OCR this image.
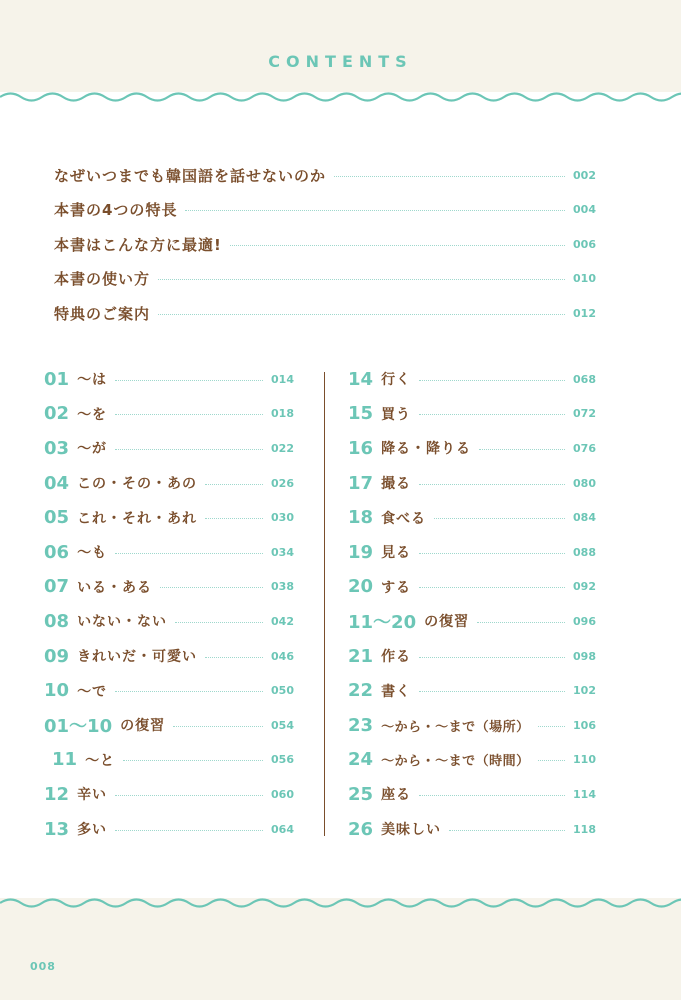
CONTENTS
なぜいつまでも韓国語を話せないのか	002
本書の4つの特長	004
本書はこんな方に最適!	006
本書の使い方	010
特典のご案内	012
01 〜は	014
02 〜を	018
03 〜が	022
04 この・その・あの	026
05 これ・それ・あれ	030
06 〜も	034
07 いる・ある	038
08 いない・ない	042
09 きれいだ・可愛い	046
10 〜で	050
01〜10 の復習	054
11 〜と	056
12 辛い	060
13 多い	064
14 行く	068
15 買う	072
16 降る・降りる	076
17 撮る	080
18 食べる	084
19 見る	088
20 する	092
11〜20 の復習	096
21 作る	098
22 書く	102
23 〜から・〜まで（場所）	106
24 〜から・〜まで（時間）	110
25 座る	114
26 美味しい	118
008
